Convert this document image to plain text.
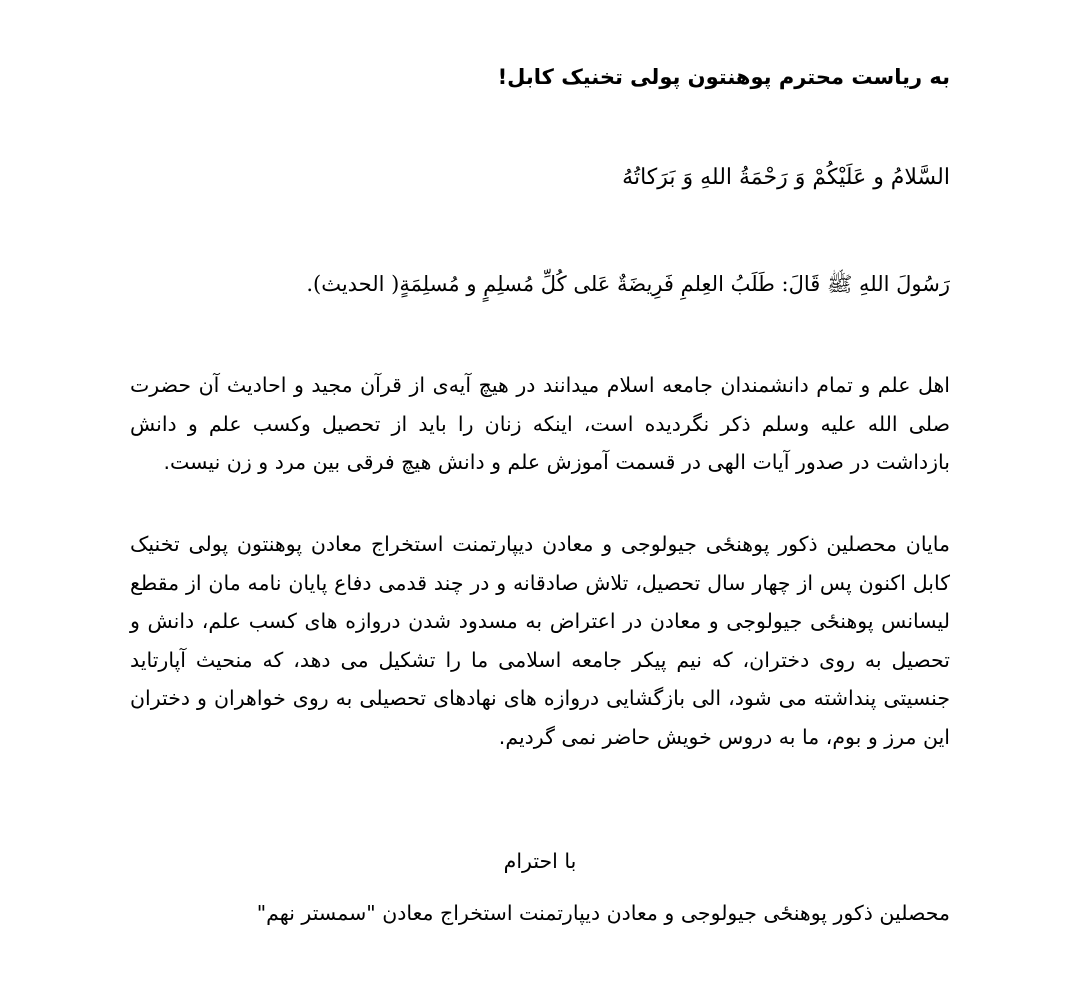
به ریاست محترم پوهنتون پولی تخنیک کابل!
السَّلامُ و عَلَيْكُمْ وَ رَحْمَةُ اللهِ وَ بَرَكاتُهُ
رَسُولَ اللهِ ﷺ قَالَ: طَلَبُ العِلمِ فَرِيضَةٌ عَلی كُلِّ مُسلِمٍ و مُسلِمَةٍ( الحديث).

اهل علم و تمام دانشمندان جامعه اسلام میدانند در هیچ آیه‌ی از قرآن مجید و احادیث آن حضرت صلی الله علیه وسلم ذکر نگردیده است، اینکه زنان را باید از تحصیل وکسب علم و دانش بازداشت در صدور آیات الهی در قسمت آموزش علم و دانش هیچ فرقی بین مرد و زن نیست.

مایان محصلین ذکور پوهنځی جیولوجی و معادن دیپارتمنت استخراج معادن پوهنتون پولی تخنیک کابل اکنون پس از چهار سال تحصیل، تلاش صادقانه و در چند قدمی دفاع پایان نامه مان از مقطع لیسانس پوهنځی جیولوجی و معادن در اعتراض به مسدود شدن دروازه های کسب علم، دانش و تحصیل به روی دختران، که نیم پیکر جامعه اسلامی ما را تشکیل می دهد، که منحیث آپارتاید جنسیتی پنداشته می شود، الی بازگشایی دروازه های نهادهای تحصیلی به روی خواهران و دختران این مرز و بوم، ما به دروس خویش حاضر نمی گردیم.

با احترام
محصلین ذکور پوهنځی جیولوجی و معادن دیپارتمنت استخراج معادن "سمستر نهم"
